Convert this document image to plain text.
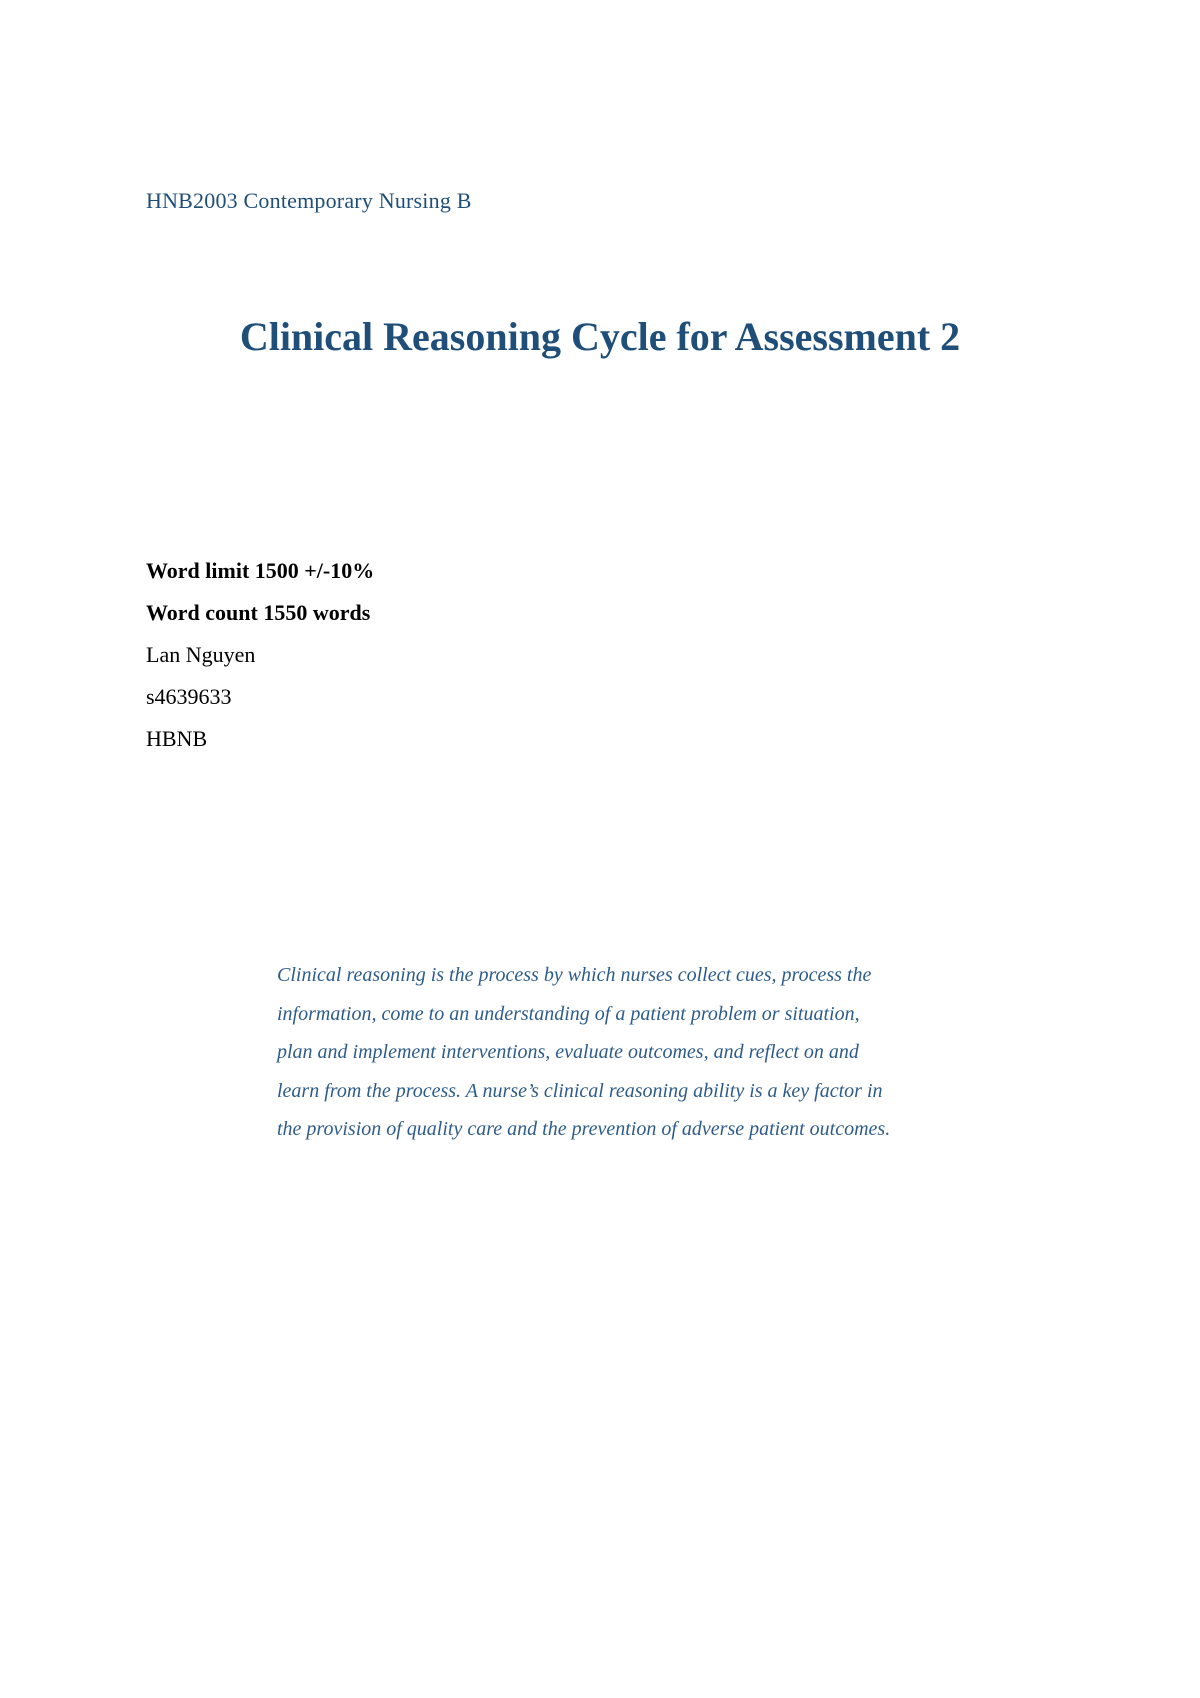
HNB2003 Contemporary Nursing B
Clinical Reasoning Cycle for Assessment 2
Word limit 1500 +/-10%
Word count 1550 words
Lan Nguyen
s4639633
HBNB
Clinical reasoning is the process by which nurses collect cues, process the
information, come to an understanding of a patient problem or situation,
plan and implement interventions, evaluate outcomes, and reflect on and
learn from the process. A nurse’s clinical reasoning ability is a key factor in
the provision of quality care and the prevention of adverse patient outcomes.
